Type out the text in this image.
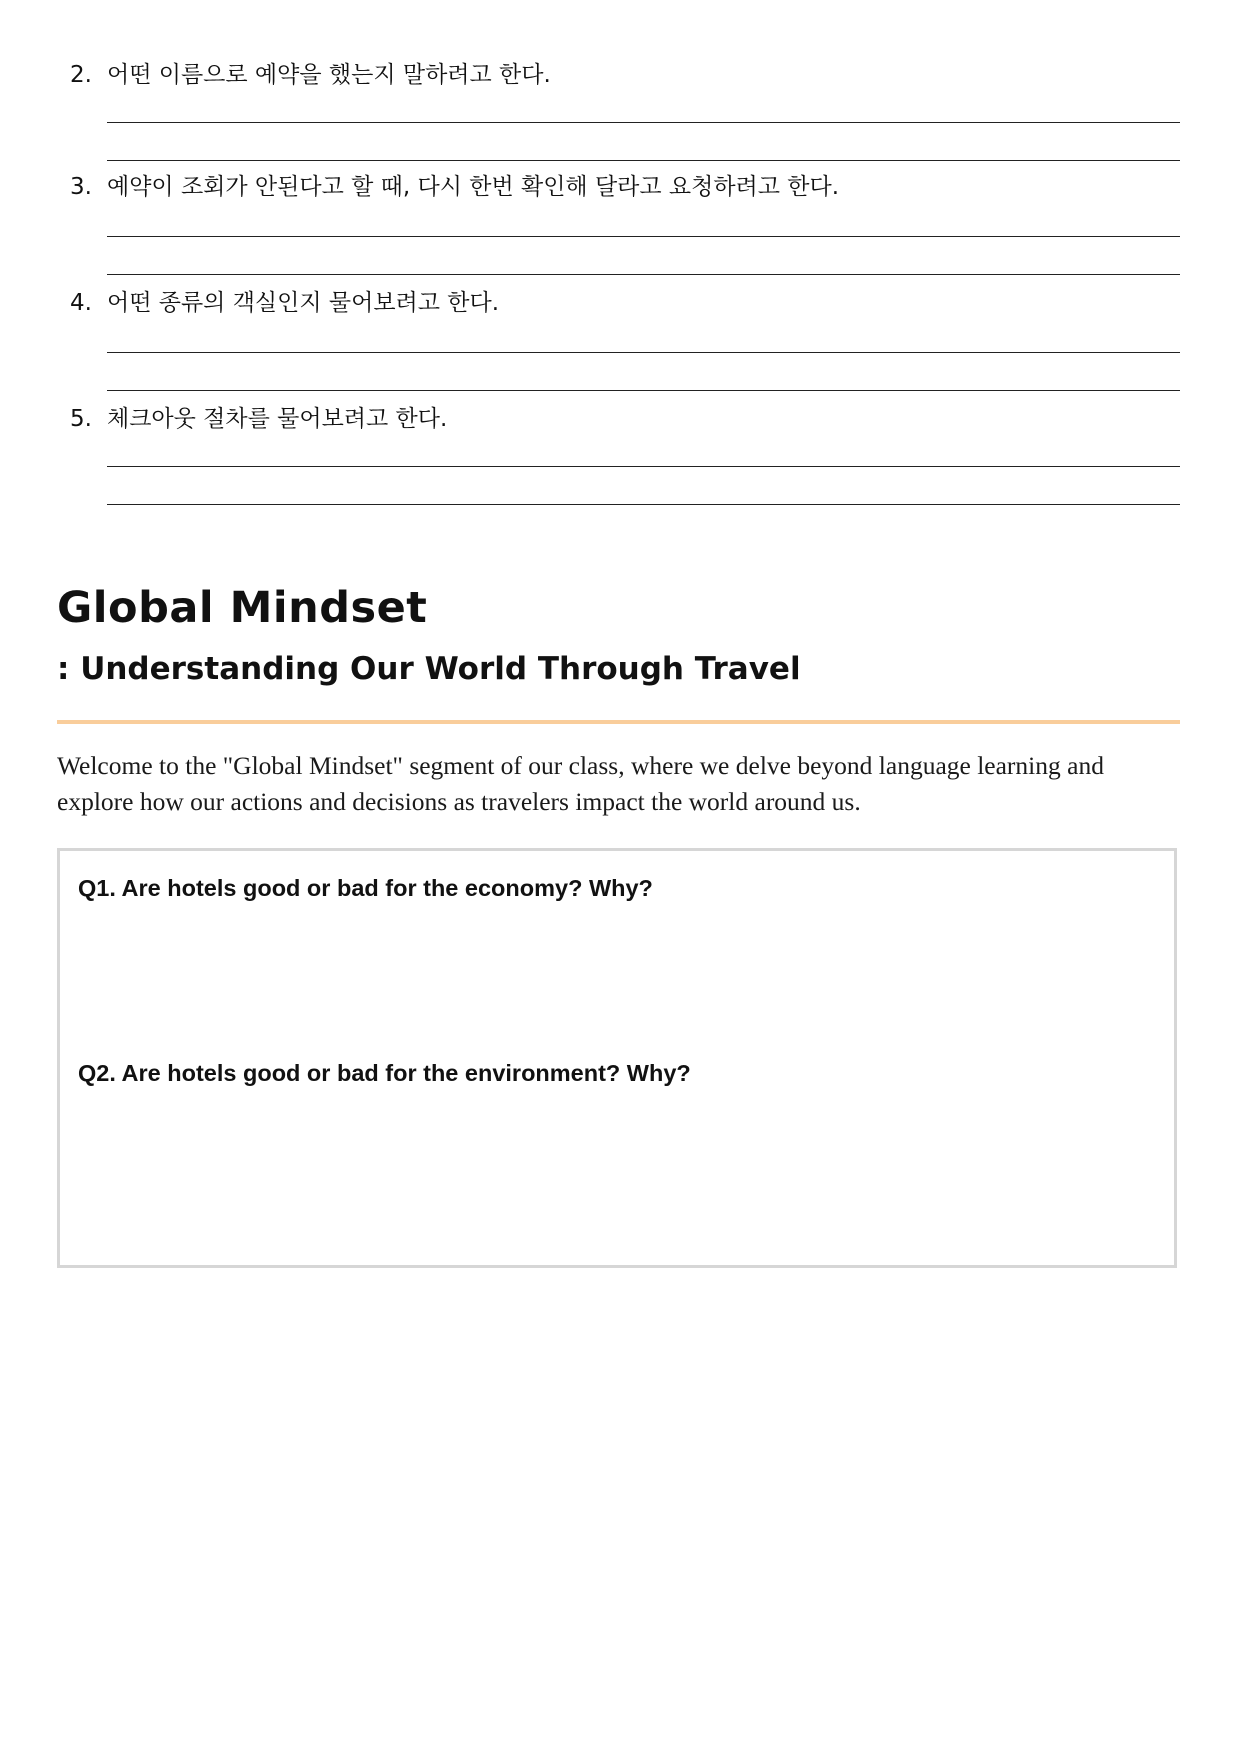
2. 어떤 이름으로 예약을 했는지 말하려고 한다.
3. 예약이 조회가 안된다고 할 때, 다시 한번 확인해 달라고 요청하려고 한다.
4. 어떤 종류의 객실인지 물어보려고 한다.
5. 체크아웃 절차를 물어보려고 한다.
Global Mindset
: Understanding Our World Through Travel

Welcome to the "Global Mindset" segment of our class, where we delve beyond language learning and explore how our actions and decisions as travelers impact the world around us.

Q1. Are hotels good or bad for the economy? Why?
Q2. Are hotels good or bad for the environment? Why?
